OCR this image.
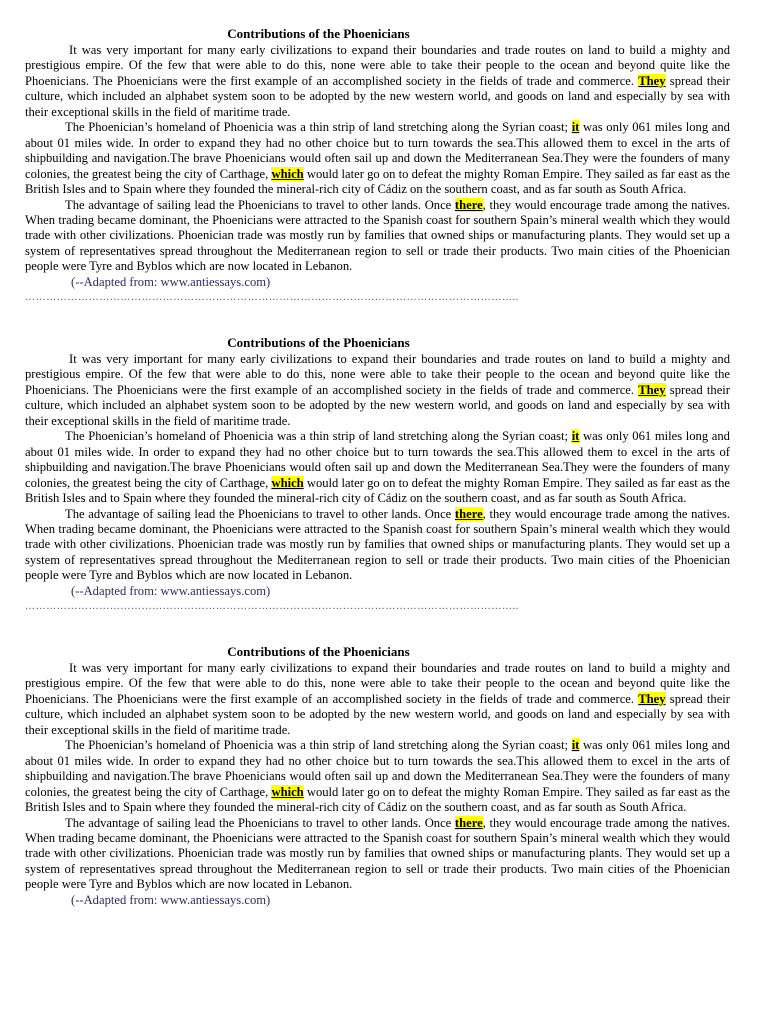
Contributions of the Phoenicians

It was very important for many early civilizations to expand their boundaries and trade routes on land to build a mighty and prestigious empire. Of the few that were able to do this, none were able to take their people to the ocean and beyond quite like the Phoenicians. The Phoenicians were the first example of an accomplished society in the fields of trade and commerce. They spread their culture, which included an alphabet system soon to be adopted by the new western world, and goods on land and especially by sea with their exceptional skills in the field of maritime trade.

The Phoenician’s homeland of Phoenicia was a thin strip of land stretching along the Syrian coast; it was only 061 miles long and about 01 miles wide. In order to expand they had no other choice but to turn towards the sea.This allowed them to excel in the arts of shipbuilding and navigation.The brave Phoenicians would often sail up and down the Mediterranean Sea.They were the founders of many colonies, the greatest being the city of Carthage, which would later go on to defeat the mighty Roman Empire. They sailed as far east as the British Isles and to Spain where they founded the mineral-rich city of Cádiz on the southern coast, and as far south as South Africa.

The advantage of sailing lead the Phoenicians to travel to other lands. Once there, they would encourage trade among the natives. When trading became dominant, the Phoenicians were attracted to the Spanish coast for southern Spain’s mineral wealth which they would trade with other civilizations. Phoenician trade was mostly run by families that owned ships or manufacturing plants. They would set up a system of representatives spread throughout the Mediterranean region to sell or trade their products. Two main cities of the Phoenician people were Tyre and Byblos which are now located in Lebanon.

(--Adapted from: www.antiessays.com)

…………………………………………………………………………………………………………………………..
Contributions of the Phoenicians

It was very important for many early civilizations to expand their boundaries and trade routes on land to build a mighty and prestigious empire. Of the few that were able to do this, none were able to take their people to the ocean and beyond quite like the Phoenicians. The Phoenicians were the first example of an accomplished society in the fields of trade and commerce. They spread their culture, which included an alphabet system soon to be adopted by the new western world, and goods on land and especially by sea with their exceptional skills in the field of maritime trade.

The Phoenician’s homeland of Phoenicia was a thin strip of land stretching along the Syrian coast; it was only 061 miles long and about 01 miles wide. In order to expand they had no other choice but to turn towards the sea.This allowed them to excel in the arts of shipbuilding and navigation.The brave Phoenicians would often sail up and down the Mediterranean Sea.They were the founders of many colonies, the greatest being the city of Carthage, which would later go on to defeat the mighty Roman Empire. They sailed as far east as the British Isles and to Spain where they founded the mineral-rich city of Cádiz on the southern coast, and as far south as South Africa.

The advantage of sailing lead the Phoenicians to travel to other lands. Once there, they would encourage trade among the natives. When trading became dominant, the Phoenicians were attracted to the Spanish coast for southern Spain’s mineral wealth which they would trade with other civilizations. Phoenician trade was mostly run by families that owned ships or manufacturing plants. They would set up a system of representatives spread throughout the Mediterranean region to sell or trade their products. Two main cities of the Phoenician people were Tyre and Byblos which are now located in Lebanon.

(--Adapted from: www.antiessays.com)

…………………………………………………………………………………………………………………………..
Contributions of the Phoenicians

It was very important for many early civilizations to expand their boundaries and trade routes on land to build a mighty and prestigious empire. Of the few that were able to do this, none were able to take their people to the ocean and beyond quite like the Phoenicians. The Phoenicians were the first example of an accomplished society in the fields of trade and commerce. They spread their culture, which included an alphabet system soon to be adopted by the new western world, and goods on land and especially by sea with their exceptional skills in the field of maritime trade.

The Phoenician’s homeland of Phoenicia was a thin strip of land stretching along the Syrian coast; it was only 061 miles long and about 01 miles wide. In order to expand they had no other choice but to turn towards the sea.This allowed them to excel in the arts of shipbuilding and navigation.The brave Phoenicians would often sail up and down the Mediterranean Sea.They were the founders of many colonies, the greatest being the city of Carthage, which would later go on to defeat the mighty Roman Empire. They sailed as far east as the British Isles and to Spain where they founded the mineral-rich city of Cádiz on the southern coast, and as far south as South Africa.

The advantage of sailing lead the Phoenicians to travel to other lands. Once there, they would encourage trade among the natives. When trading became dominant, the Phoenicians were attracted to the Spanish coast for southern Spain’s mineral wealth which they would trade with other civilizations. Phoenician trade was mostly run by families that owned ships or manufacturing plants. They would set up a system of representatives spread throughout the Mediterranean region to sell or trade their products. Two main cities of the Phoenician people were Tyre and Byblos which are now located in Lebanon.

(--Adapted from: www.antiessays.com)
